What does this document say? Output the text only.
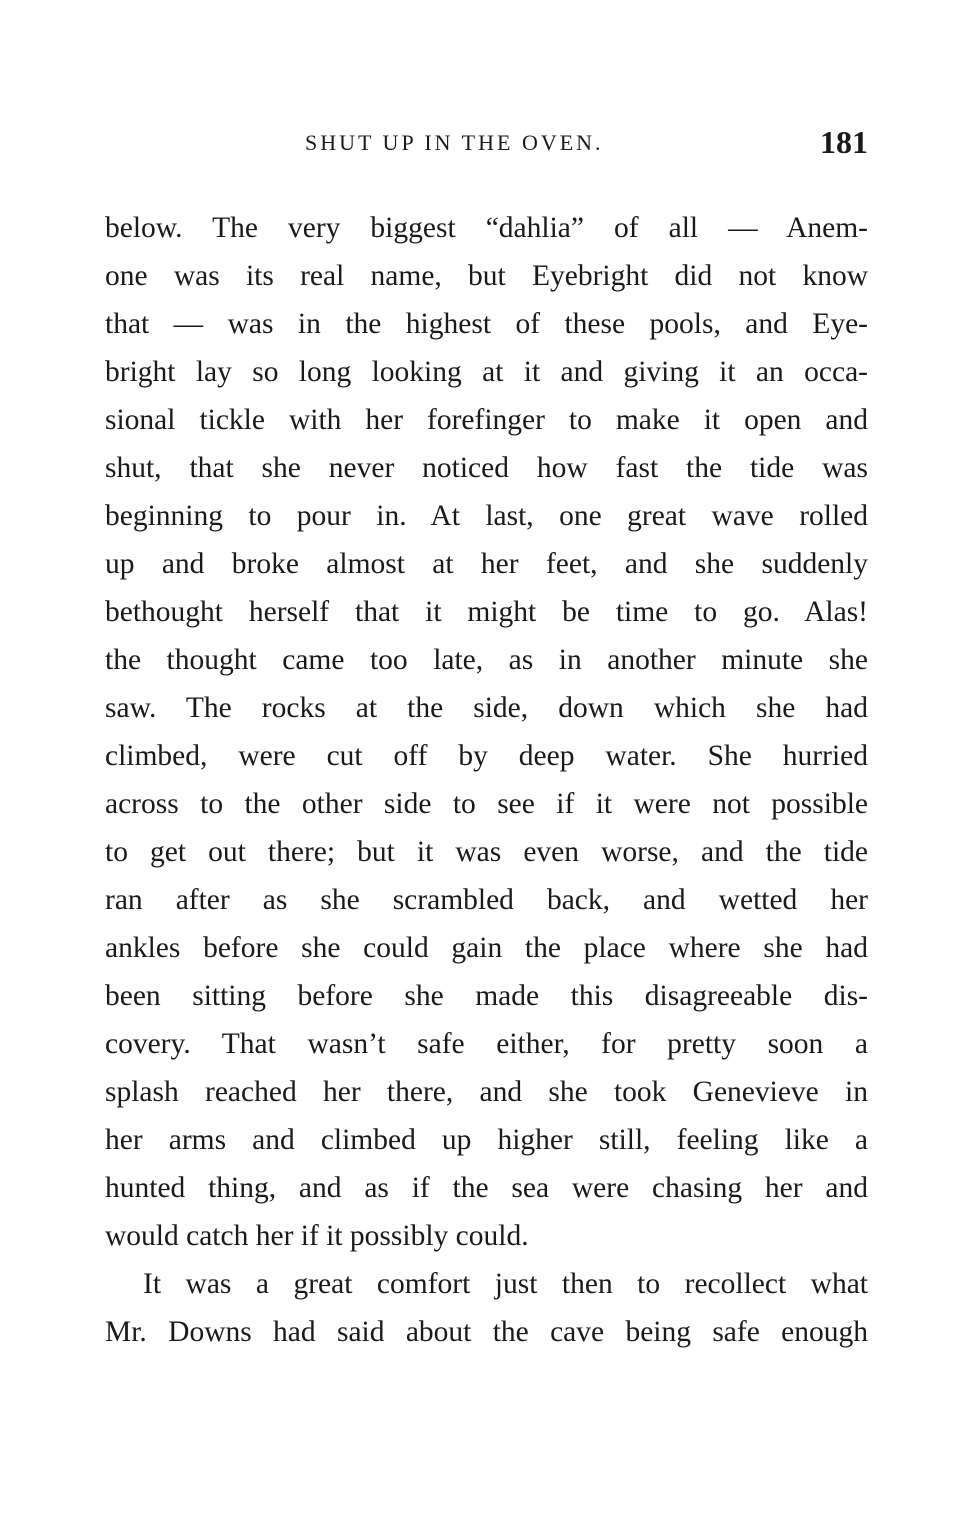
SHUT UP IN THE OVEN.	181
below. The very biggest “dahlia” of all — Anem-
one was its real name, but Eyebright did not know
that — was in the highest of these pools, and Eye-
bright lay so long looking at it and giving it an occa-
sional tickle with her forefinger to make it open and
shut, that she never noticed how fast the tide was
beginning to pour in. At last, one great wave rolled
up and broke almost at her feet, and she suddenly
bethought herself that it might be time to go. Alas!
the thought came too late, as in another minute she
saw. The rocks at the side, down which she had
climbed, were cut off by deep water. She hurried
across to the other side to see if it were not possible
to get out there; but it was even worse, and the tide
ran after as she scrambled back, and wetted her
ankles before she could gain the place where she had
been sitting before she made this disagreeable dis-
covery. That wasn’t safe either, for pretty soon a
splash reached her there, and she took Genevieve in
her arms and climbed up higher still, feeling like a
hunted thing, and as if the sea were chasing her and
would catch her if it possibly could.
It was a great comfort just then to recollect what
Mr. Downs had said about the cave being safe enough
